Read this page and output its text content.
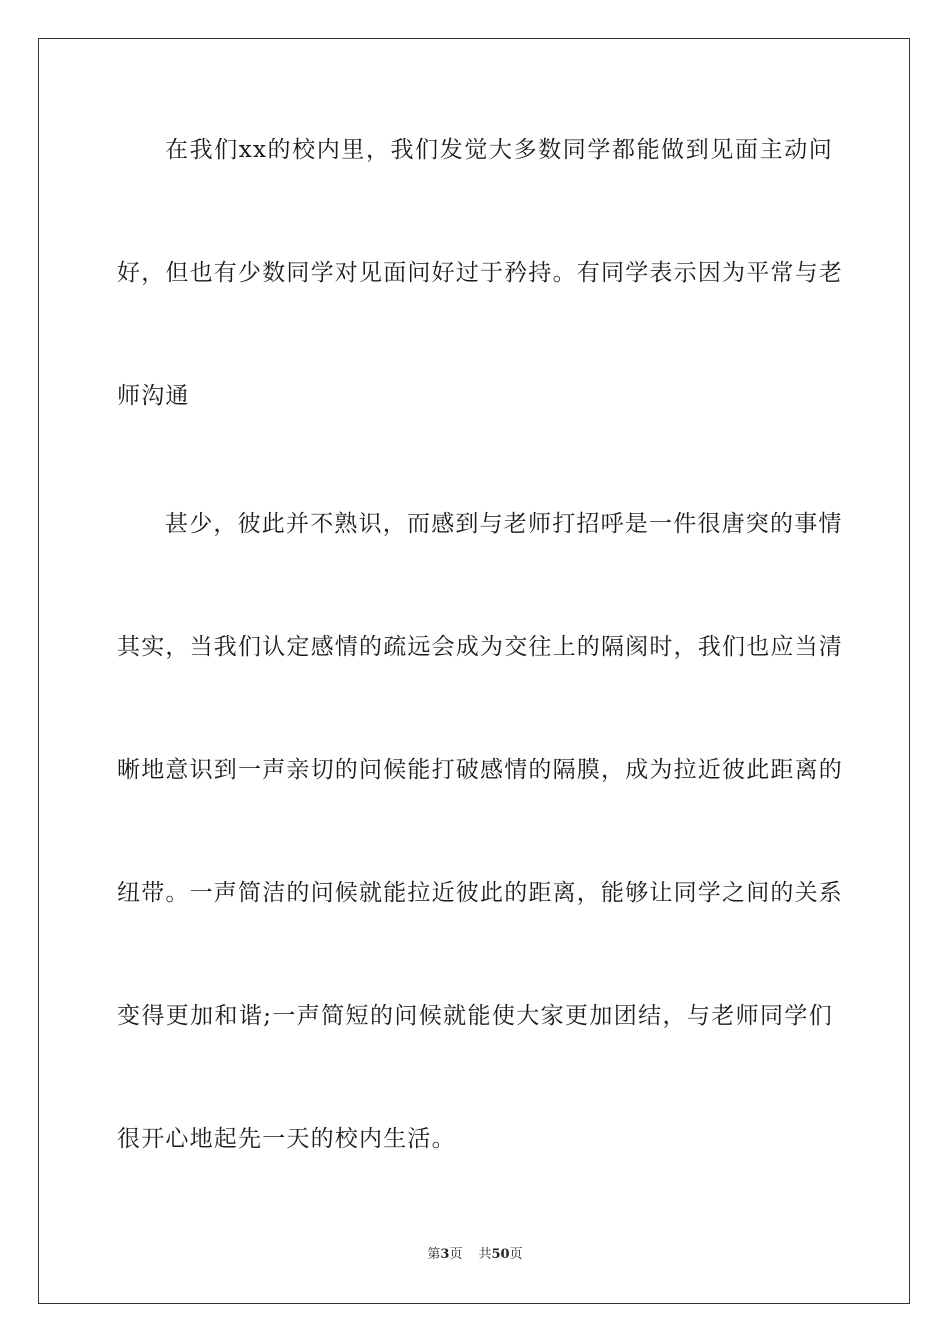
在我们xx的校内里，我们发觉大多数同学都能做到见面主动问
好，但也有少数同学对见面问好过于矜持。有同学表示因为平常与老
师沟通
甚少，彼此并不熟识，而感到与老师打招呼是一件很唐突的事情
其实，当我们认定感情的疏远会成为交往上的隔阂时，我们也应当清
晰地意识到一声亲切的问候能打破感情的隔膜，成为拉近彼此距离的
纽带。一声简洁的问候就能拉近彼此的距离，能够让同学之间的关系
变得更加和谐;一声简短的问候就能使大家更加团结，与老师同学们
很开心地起先一天的校内生活。
第3页 共50页
